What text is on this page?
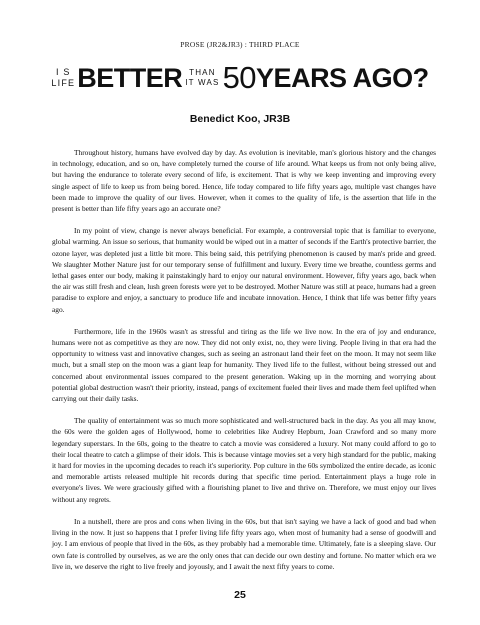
PROSE (JR2&JR3) : THIRD PLACE
I S
LIFE BETTER THAN
IT WAS 50 YEARS AGO?
Benedict Koo, JR3B

Throughout history, humans have evolved day by day. As evolution is inevitable, man's glorious history and the changes in technology, education, and so on, have completely turned the course of life around. What keeps us from not only being alive, but having the endurance to tolerate every second of life, is excitement. That is why we keep inventing and improving every single aspect of life to keep us from being bored. Hence, life today compared to life fifty years ago, multiple vast changes have been made to improve the quality of our lives. However, when it comes to the quality of life, is the assertion that life in the present is better than life fifty years ago an accurate one?

In my point of view, change is never always beneficial. For example, a controversial topic that is familiar to everyone, global warming. An issue so serious, that humanity would be wiped out in a matter of seconds if the Earth's protective barrier, the ozone layer, was depleted just a little bit more. This being said, this petrifying phenomenon is caused by man's pride and greed. We slaughter Mother Nature just for our temporary sense of fulfillment and luxury. Every time we breathe, countless germs and lethal gases enter our body, making it painstakingly hard to enjoy our natural environment. However, fifty years ago, back when the air was still fresh and clean, lush green forests were yet to be destroyed. Mother Nature was still at peace, humans had a green paradise to explore and enjoy, a sanctuary to produce life and incubate innovation. Hence, I think that life was better fifty years ago.

Furthermore, life in the 1960s wasn't as stressful and tiring as the life we live now. In the era of joy and endurance, humans were not as competitive as they are now. They did not only exist, no, they were living. People living in that era had the opportunity to witness vast and innovative changes, such as seeing an astronaut land their feet on the moon. It may not seem like much, but a small step on the moon was a giant leap for humanity. They lived life to the fullest, without being stressed out and concerned about environmental issues compared to the present generation. Waking up in the morning and worrying about potential global destruction wasn't their priority, instead, pangs of excitement fueled their lives and made them feel uplifted when carrying out their daily tasks.

The quality of entertainment was so much more sophisticated and well-structured back in the day. As you all may know, the 60s were the golden ages of Hollywood, home to celebrities like Audrey Hepburn, Joan Crawford and so many more legendary superstars. In the 60s, going to the theatre to catch a movie was considered a luxury. Not many could afford to go to their local theatre to catch a glimpse of their idols. This is because vintage movies set a very high standard for the public, making it hard for movies in the upcoming decades to reach it's superiority. Pop culture in the 60s symbolized the entire decade, as iconic and memorable artists released multiple hit records during that specific time period. Entertainment plays a huge role in everyone's lives. We were graciously gifted with a flourishing planet to live and thrive on. Therefore, we must enjoy our lives without any regrets.

In a nutshell, there are pros and cons when living in the 60s, but that isn't saying we have a lack of good and bad when living in the now. It just so happens that I prefer living life fifty years ago, when most of humanity had a sense of goodwill and joy. I am envious of people that lived in the 60s, as they probably had a memorable time. Ultimately, fate is a sleeping slave. Our own fate is controlled by ourselves, as we are the only ones that can decide our own destiny and fortune. No matter which era we live in, we deserve the right to live freely and joyously, and I await the next fifty years to come.

25
